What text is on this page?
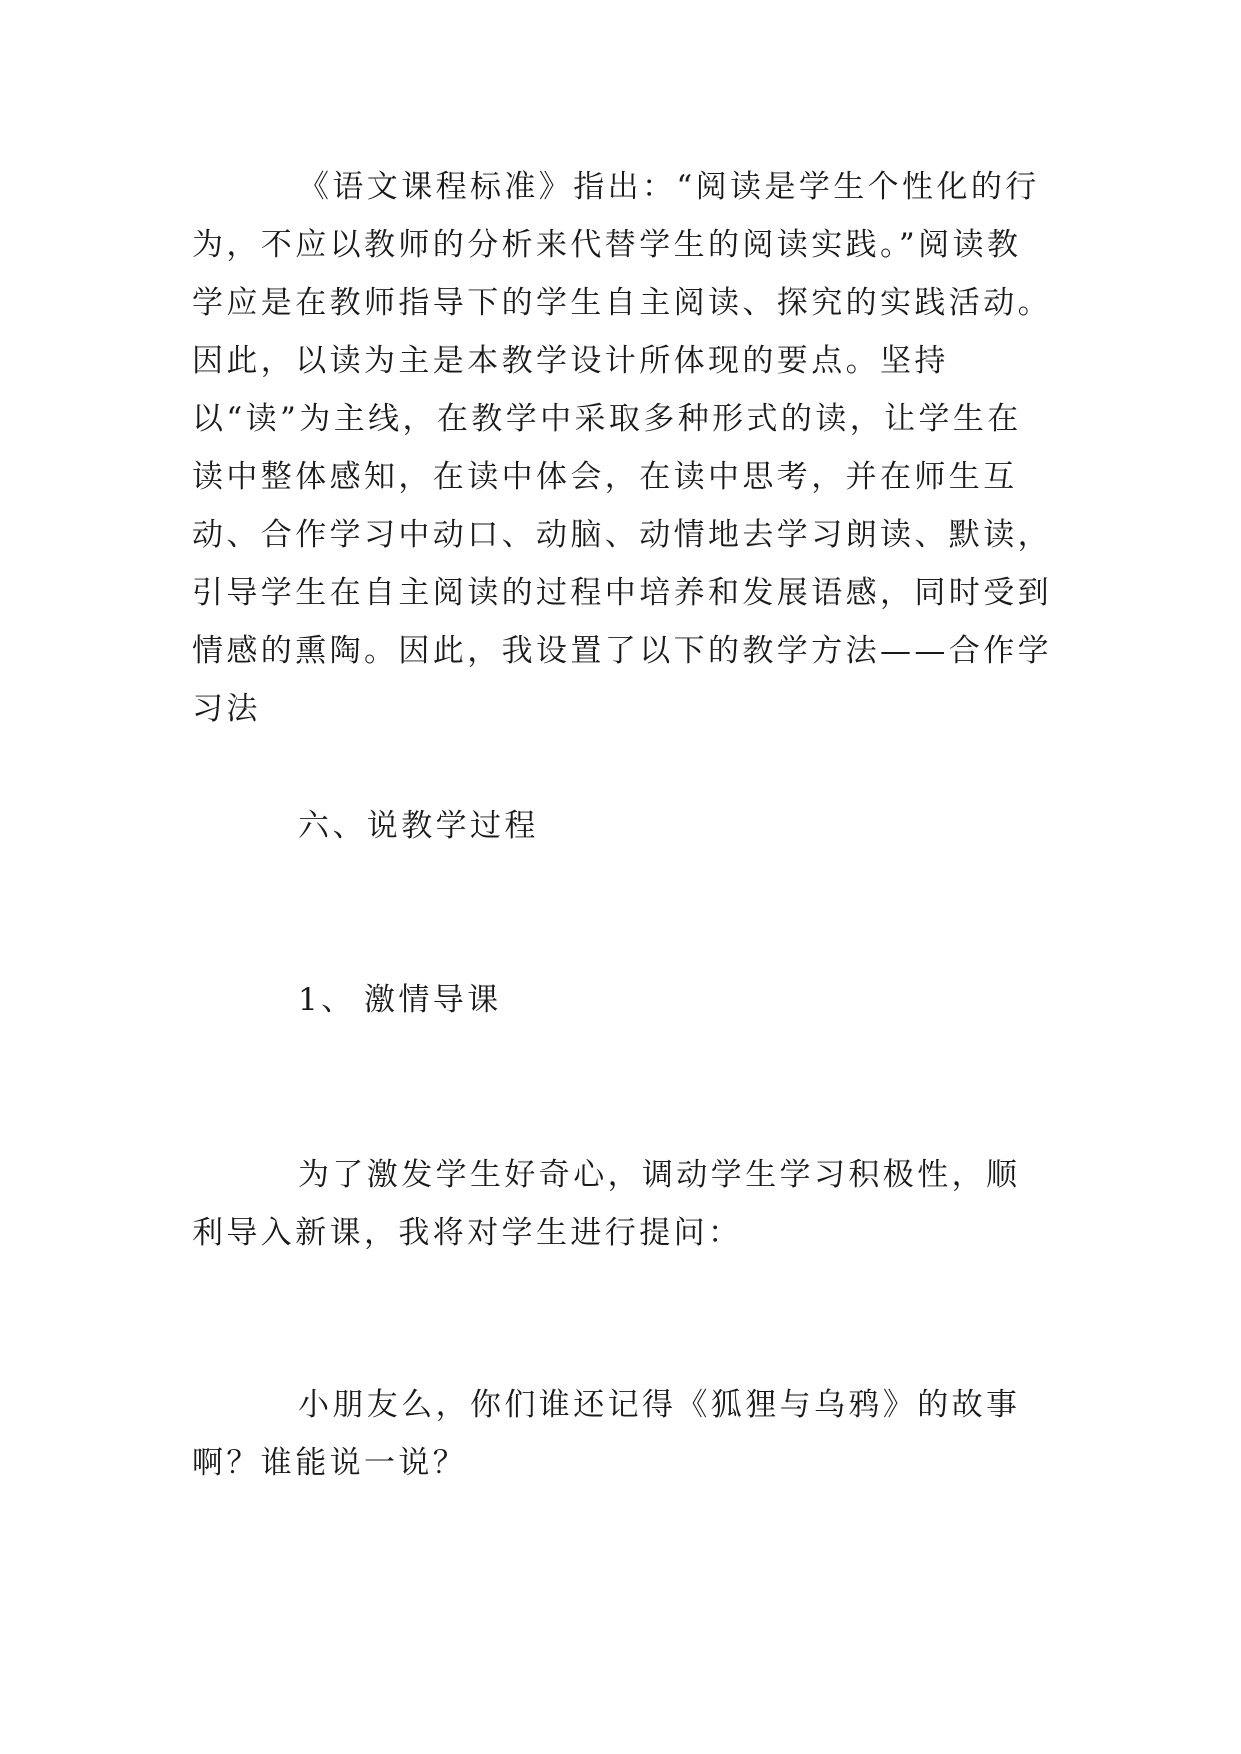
《语文课程标准》指出：“阅读是学生个性化的行为，不应以教师的分析来代替学生的阅读实践。”阅读教学应是在教师指导下的学生自主阅读、探究的实践活动。因此，以读为主是本教学设计所体现的要点。坚持以“读”为主线，在教学中采取多种形式的读，让学生在读中整体感知，在读中体会，在读中思考，并在师生互动、合作学习中动口、动脑、动情地去学习朗读、默读，引导学生在自主阅读的过程中培养和发展语感，同时受到情感的熏陶。因此，我设置了以下的教学方法——合作学习法

六、说教学过程
1、 激情导课

为了激发学生好奇心，调动学生学习积极性，顺利导入新课，我将对学生进行提问：

小朋友么，你们谁还记得《狐狸与乌鸦》的故事啊？谁能说一说？
